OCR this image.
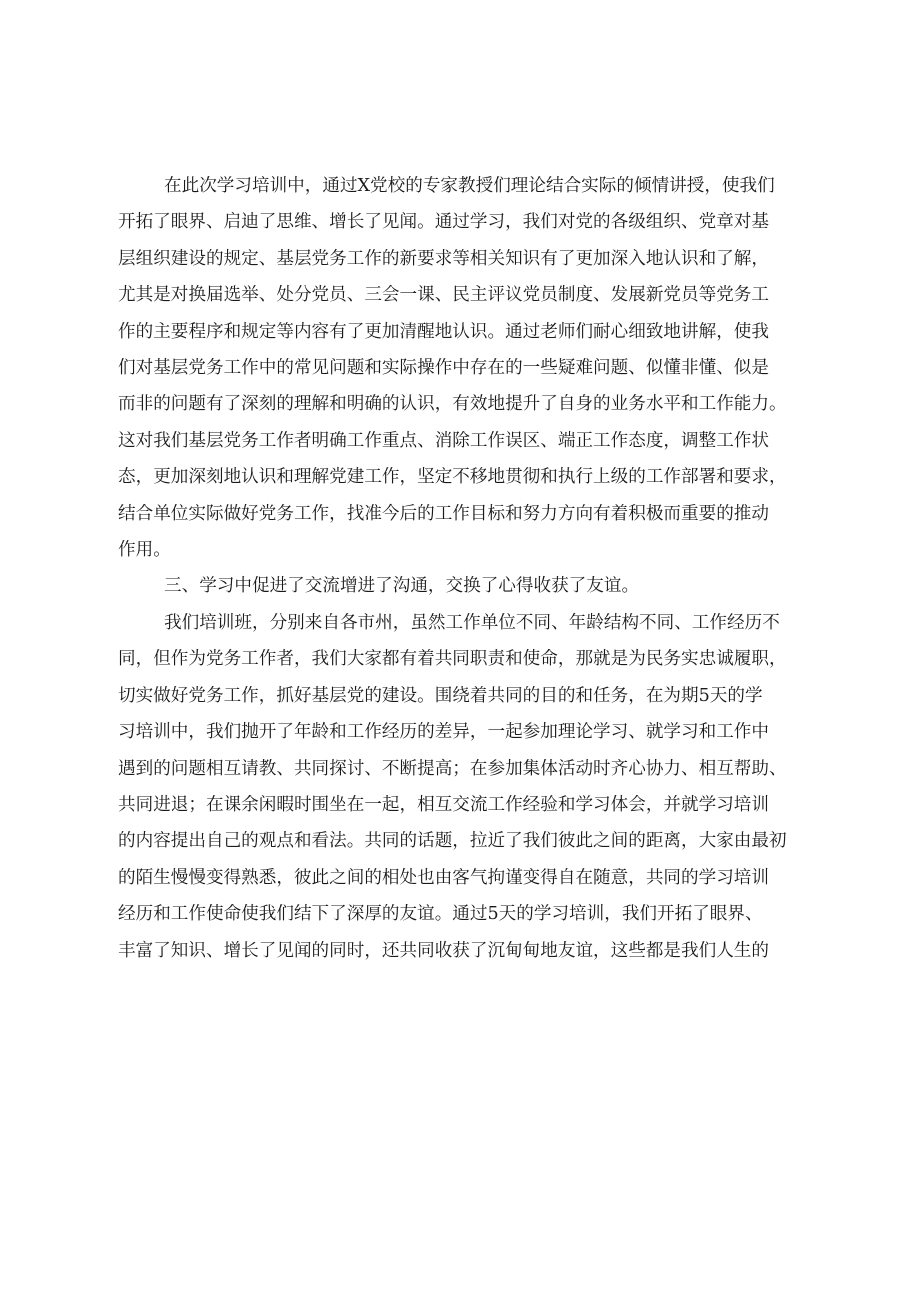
在此次学习培训中，通过X党校的专家教授们理论结合实际的倾情讲授，使我们
开拓了眼界、启迪了思维、增长了见闻。通过学习，我们对党的各级组织、党章对基
层组织建设的规定、基层党务工作的新要求等相关知识有了更加深入地认识和了解，
尤其是对换届选举、处分党员、三会一课、民主评议党员制度、发展新党员等党务工
作的主要程序和规定等内容有了更加清醒地认识。通过老师们耐心细致地讲解，使我
们对基层党务工作中的常见问题和实际操作中存在的一些疑难问题、似懂非懂、似是
而非的问题有了深刻的理解和明确的认识，有效地提升了自身的业务水平和工作能力。
这对我们基层党务工作者明确工作重点、消除工作误区、端正工作态度，调整工作状
态，更加深刻地认识和理解党建工作，坚定不移地贯彻和执行上级的工作部署和要求，
结合单位实际做好党务工作，找准今后的工作目标和努力方向有着积极而重要的推动
作用。
三、学习中促进了交流增进了沟通，交换了心得收获了友谊。
我们培训班，分别来自各市州，虽然工作单位不同、年龄结构不同、工作经历不
同，但作为党务工作者，我们大家都有着共同职责和使命，那就是为民务实忠诚履职，
切实做好党务工作，抓好基层党的建设。围绕着共同的目的和任务，在为期5天的学
习培训中，我们抛开了年龄和工作经历的差异，一起参加理论学习、就学习和工作中
遇到的问题相互请教、共同探讨、不断提高；在参加集体活动时齐心协力、相互帮助、
共同进退；在课余闲暇时围坐在一起，相互交流工作经验和学习体会，并就学习培训
的内容提出自己的观点和看法。共同的话题，拉近了我们彼此之间的距离，大家由最初
的陌生慢慢变得熟悉，彼此之间的相处也由客气拘谨变得自在随意，共同的学习培训
经历和工作使命使我们结下了深厚的友谊。通过5天的学习培训，我们开拓了眼界、
丰富了知识、增长了见闻的同时，还共同收获了沉甸甸地友谊，这些都是我们人生的
